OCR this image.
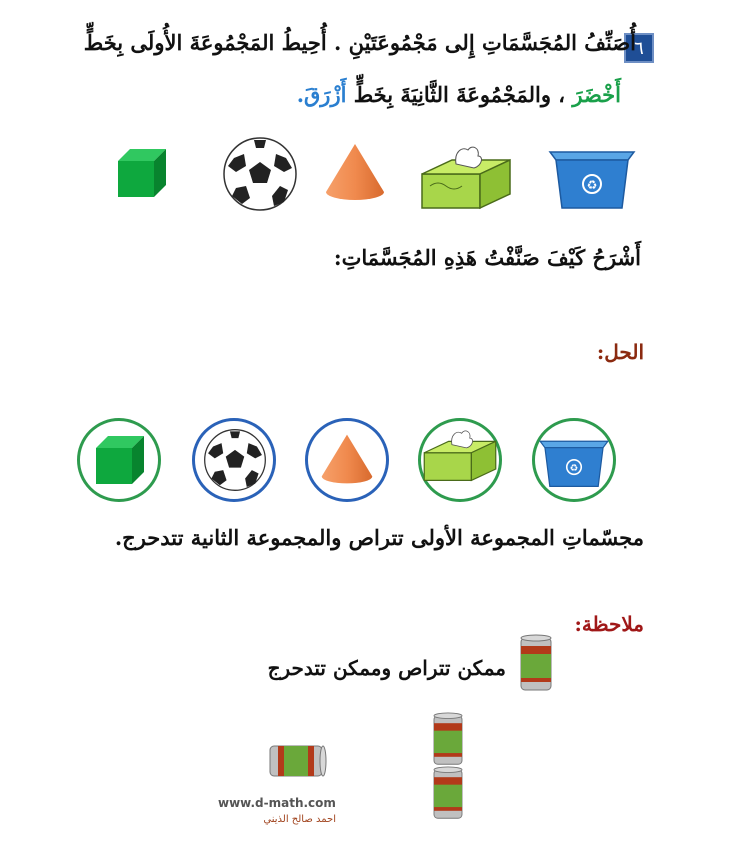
٦
أُصَنِّفُ المُجَسَّمَاتِ إِلى مَجْمُوعَتَيْنِ . أُحِيطُ المَجْمُوعَةَ الأُولَى بِخَطٍّ
أَخْضَرَ ، والمَجْمُوعَةَ الثَّانِيَةَ بِخَطٍّ أَزْرَقَ.
♻
أَشْرَحُ كَيْفَ صَنَّفْتُ هَذِهِ المُجَسَّمَاتِ:
الحل:
♻
مجسّماتِ المجموعة الأولى تتراص والمجموعة الثانية تتدحرج.
ملاحظة:
ممكن تتراص وممكن تتدحرج
www.d-math.com
احمد صالح الذيني
